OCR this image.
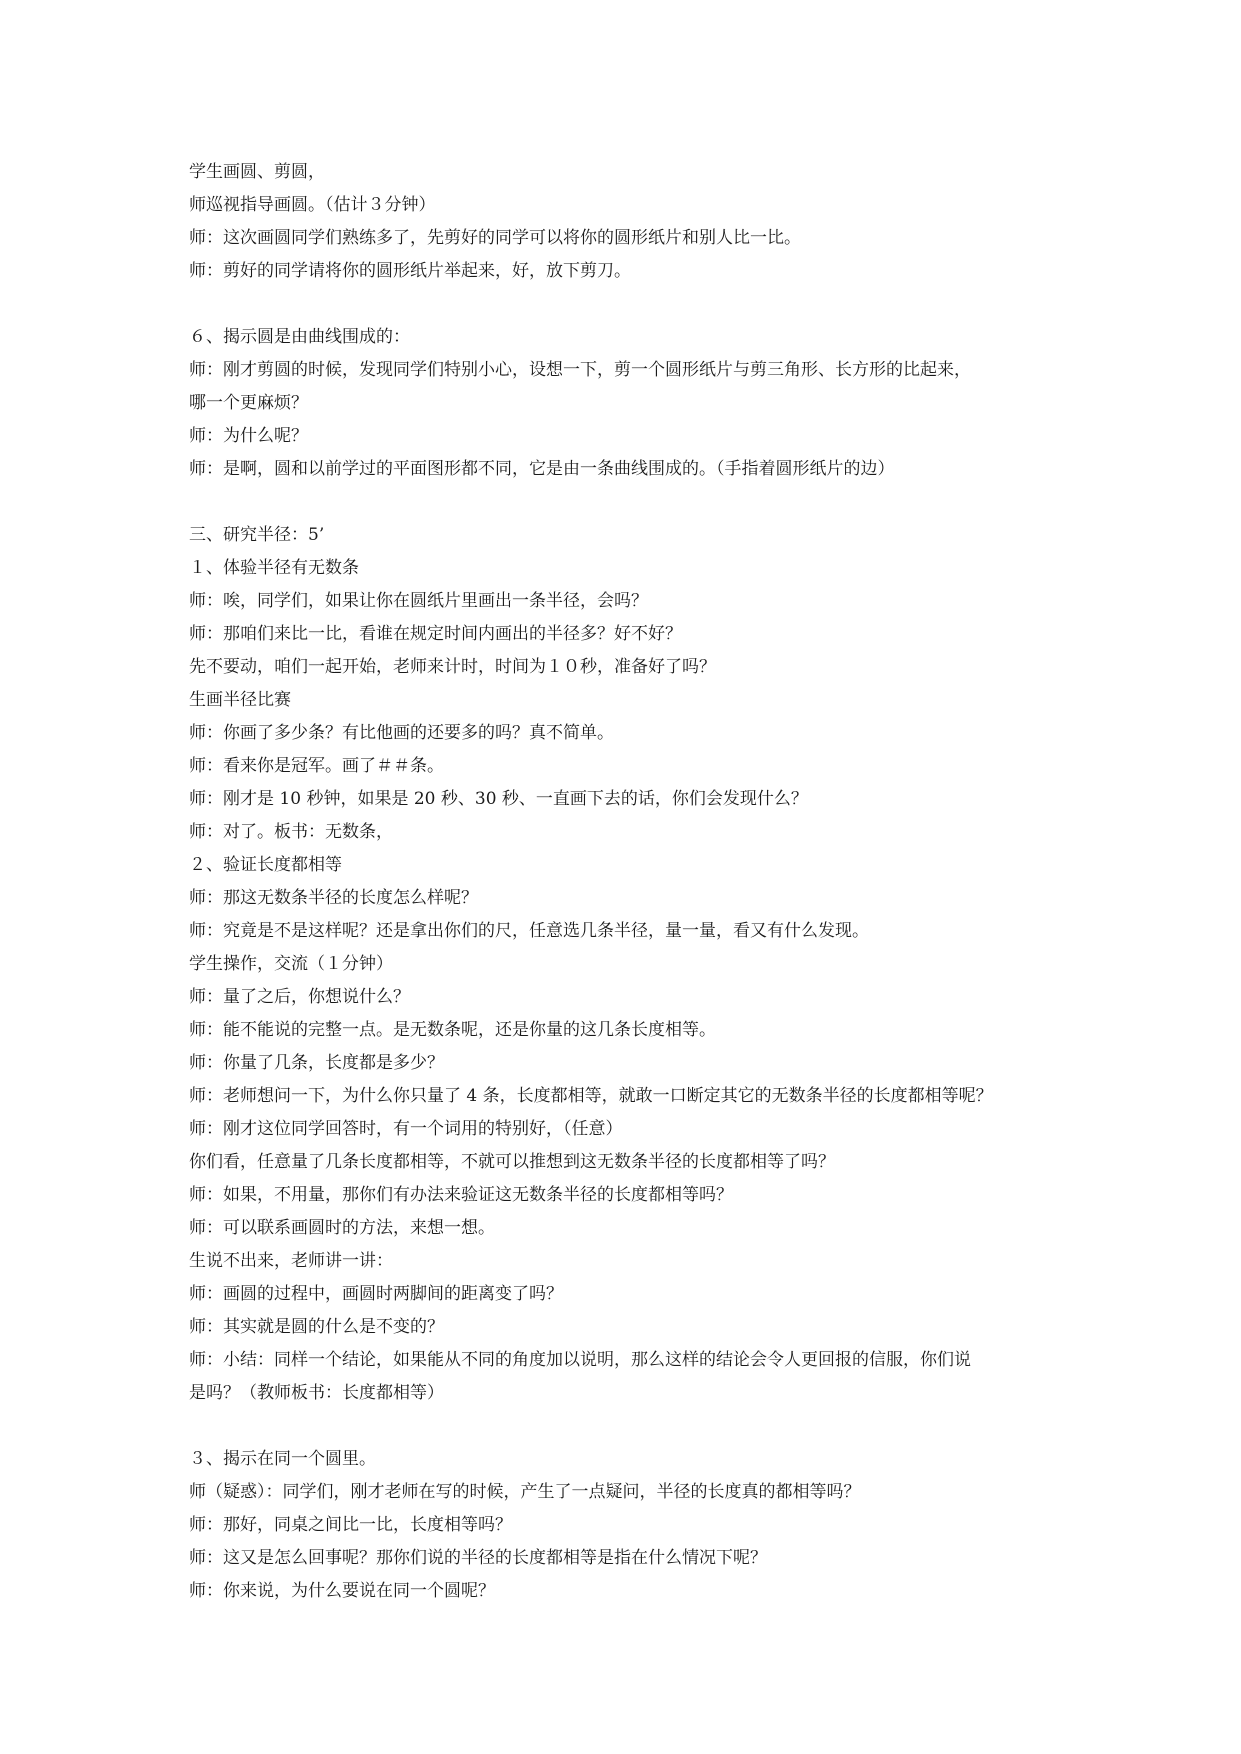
学生画圆、剪圆，

师巡视指导画圆。（估计３分钟）

师：这次画圆同学们熟练多了，先剪好的同学可以将你的圆形纸片和别人比一比。

师：剪好的同学请将你的圆形纸片举起来，好，放下剪刀。

６、揭示圆是由曲线围成的：

师：刚才剪圆的时候，发现同学们特别小心，设想一下，剪一个圆形纸片与剪三角形、长方形的比起来，

哪一个更麻烦？

师：为什么呢？

师：是啊，圆和以前学过的平面图形都不同，它是由一条曲线围成的。（手指着圆形纸片的边）

三、研究半径：5’

１、体验半径有无数条

师：唉，同学们，如果让你在圆纸片里画出一条半径，会吗？

师：那咱们来比一比，看谁在规定时间内画出的半径多？好不好？

先不要动，咱们一起开始，老师来计时，时间为１０秒，准备好了吗？

生画半径比赛

师：你画了多少条？有比他画的还要多的吗？真不简单。

师：看来你是冠军。画了＃＃条。

师：刚才是 10 秒钟，如果是 20 秒、30 秒、一直画下去的话，你们会发现什么？

师：对了。板书：无数条，

２、验证长度都相等

师：那这无数条半径的长度怎么样呢？

师：究竟是不是这样呢？还是拿出你们的尺，任意选几条半径，量一量，看又有什么发现。

学生操作，交流（１分钟）

师：量了之后，你想说什么？

师：能不能说的完整一点。是无数条呢，还是你量的这几条长度相等。

师：你量了几条，长度都是多少？

师：老师想问一下，为什么你只量了 4 条，长度都相等，就敢一口断定其它的无数条半径的长度都相等呢？

师：刚才这位同学回答时，有一个词用的特别好，（任意）

你们看，任意量了几条长度都相等，不就可以推想到这无数条半径的长度都相等了吗？

师：如果，不用量，那你们有办法来验证这无数条半径的长度都相等吗？

师：可以联系画圆时的方法，来想一想。

生说不出来，老师讲一讲：

师：画圆的过程中，画圆时两脚间的距离变了吗？

师：其实就是圆的什么是不变的？

师：小结：同样一个结论，如果能从不同的角度加以说明，那么这样的结论会令人更回报的信服，你们说

是吗？（教师板书：长度都相等）

３、揭示在同一个圆里。

师（疑惑）：同学们，刚才老师在写的时候，产生了一点疑问，半径的长度真的都相等吗？

师：那好，同桌之间比一比，长度相等吗？

师：这又是怎么回事呢？那你们说的半径的长度都相等是指在什么情况下呢？

师：你来说，为什么要说在同一个圆呢？
